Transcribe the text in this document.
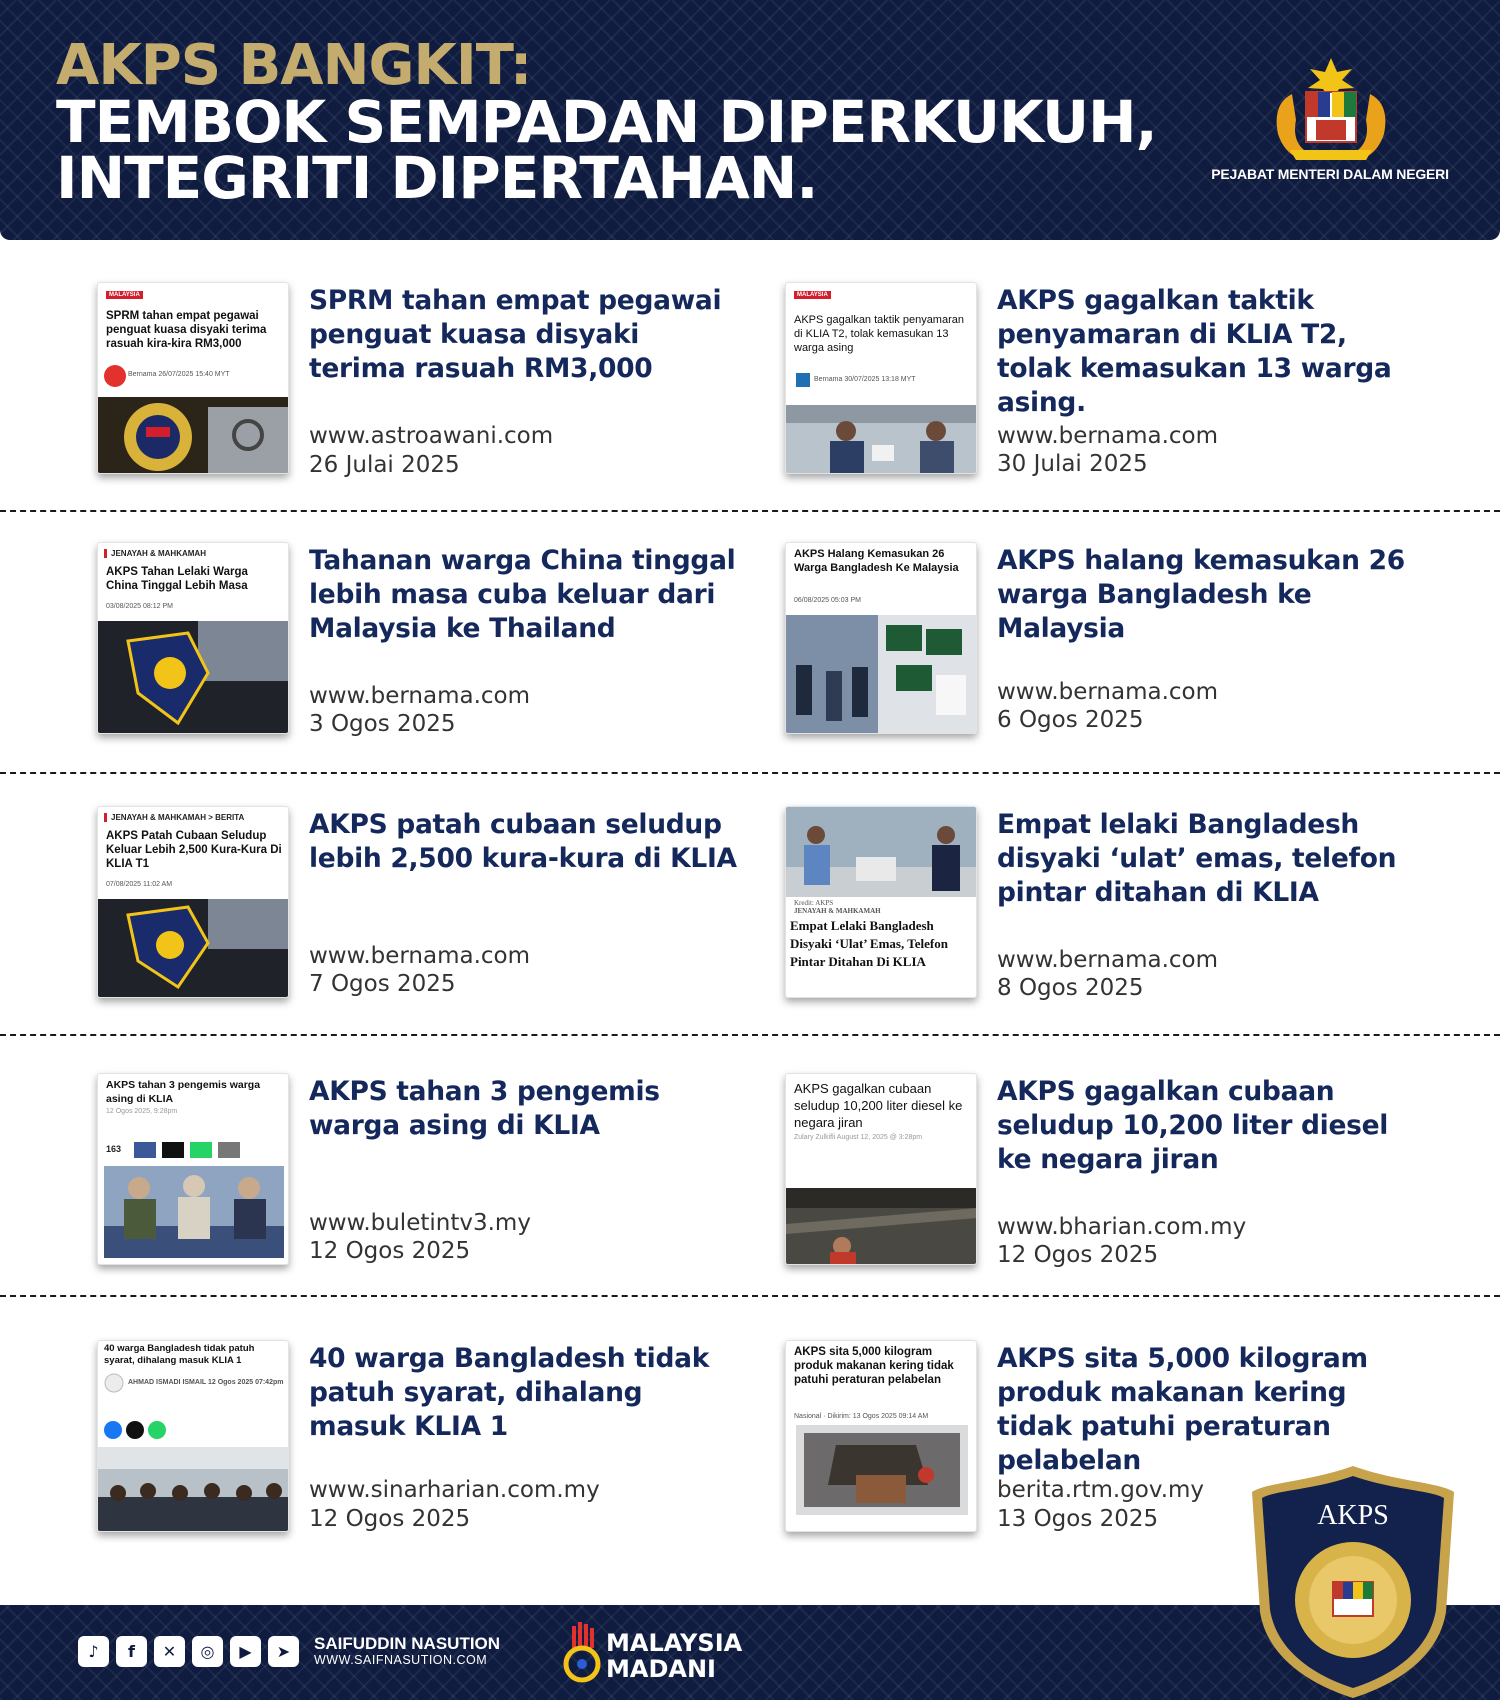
AKPS BANGKIT:
TEMBOK SEMPADAN DIPERKUKUH,
INTEGRITI DIPERTAHAN.	PEJABAT MENTERI DALAM NEGERI
MALAYSIA
SPRM tahan empat pegawai penguat kuasa disyaki terima rasuah kira-kira RM3,000
Bernama 26/07/2025 15:40 MYT
SPRM tahan empat pegawai penguat kuasa disyaki terima rasuah RM3,000
www.astroawani.com
26 Julai 2025
MALAYSIA
AKPS gagalkan taktik penyamaran di KLIA T2, tolak kemasukan 13 warga asing
Bernama 30/07/2025 13:18 MYT
AKPS gagalkan taktik penyamaran di KLIA T2, tolak kemasukan 13 warga asing.
www.bernama.com
30 Julai 2025
JENAYAH & MAHKAMAH
AKPS Tahan Lelaki Warga China Tinggal Lebih Masa
03/08/2025 08:12 PM
Tahanan warga China tinggal lebih masa cuba keluar dari Malaysia ke Thailand
www.bernama.com
3 Ogos 2025
AKPS Halang Kemasukan 26 Warga Bangladesh Ke Malaysia
06/08/2025 05:03 PM
AKPS halang kemasukan 26 warga Bangladesh ke Malaysia
www.bernama.com
6 Ogos 2025
JENAYAH & MAHKAMAH > BERITA
AKPS Patah Cubaan Seludup Keluar Lebih 2,500 Kura-Kura Di KLIA T1
07/08/2025 11:02 AM
AKPS patah cubaan seludup lebih 2,500 kura-kura di KLIA
www.bernama.com
7 Ogos 2025
Kredit: AKPS
JENAYAH & MAHKAMAH
Empat Lelaki Bangladesh Disyaki ‘Ulat’ Emas, Telefon Pintar Ditahan Di KLIA
Empat lelaki Bangladesh disyaki ‘ulat’ emas, telefon pintar ditahan di KLIA
www.bernama.com
8 Ogos 2025
AKPS tahan 3 pengemis warga asing di KLIA
12 Ogos 2025, 9:28pm
163
AKPS tahan 3 pengemis warga asing di KLIA
www.buletintv3.my
12 Ogos 2025
AKPS gagalkan cubaan seludup 10,200 liter diesel ke negara jiran
Zulary Zulkifli August 12, 2025 @ 3:28pm
AKPS gagalkan cubaan seludup 10,200 liter diesel ke negara jiran
www.bharian.com.my
12 Ogos 2025
40 warga Bangladesh tidak patuh syarat, dihalang masuk KLIA 1
AHMAD ISMADI ISMAIL 12 Ogos 2025 07:42pm
40 warga Bangladesh tidak patuh syarat, dihalang masuk KLIA 1
www.sinarharian.com.my
12 Ogos 2025
AKPS sita 5,000 kilogram produk makanan kering tidak patuhi peraturan pelabelan
Nasional · Dikirim: 13 Ogos 2025 09:14 AM
AKPS sita 5,000 kilogram produk makanan kering tidak patuhi peraturan pelabelan
berita.rtm.gov.my
13 Ogos 2025
♪	f	✕	◎	▶	➤	SAIFUDDIN NASUTION
WWW.SAIFNASUTION.COM
MALAYSIA
MADANI
AKPS
